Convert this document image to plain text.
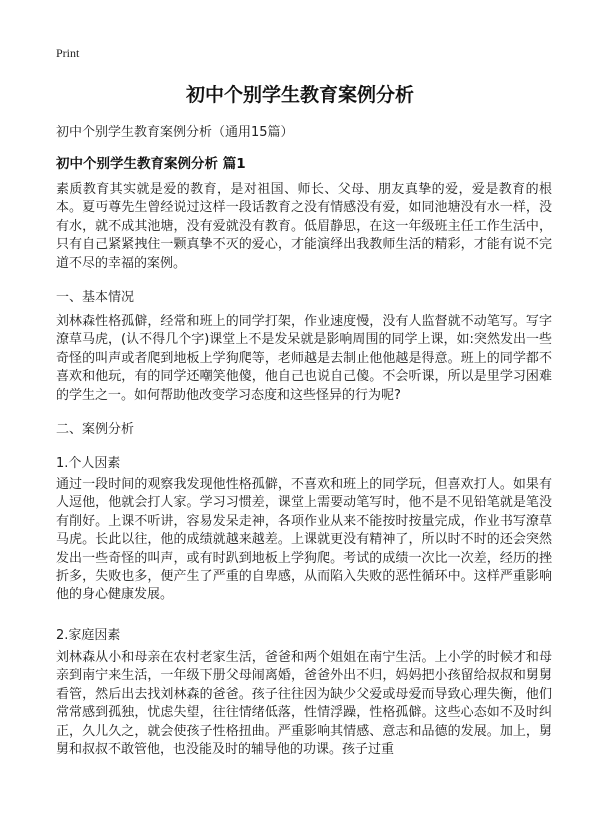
Print
初中个别学生教育案例分析
初中个别学生教育案例分析（通用15篇）
初中个别学生教育案例分析 篇1
素质教育其实就是爱的教育，是对祖国、师长、父母、朋友真挚的爱，爱是教育的根本。夏丏尊先生曾经说过这样一段话教育之没有情感没有爱，如同池塘没有水一样，没有水，就不成其池塘，没有爱就没有教育。低眉静思，在这一年级班主任工作生活中，只有自己紧紧拽住一颗真挚不灭的爱心，才能演绎出我教师生活的精彩，才能有说不完道不尽的幸福的案例。
一、基本情况
刘林森性格孤僻，经常和班上的同学打架，作业速度慢，没有人监督就不动笔写。写字潦草马虎，(认不得几个字)课堂上不是发呆就是影响周围的同学上课，如:突然发出一些奇怪的叫声或者爬到地板上学狗爬等，老师越是去制止他他越是得意。班上的同学都不喜欢和他玩，有的同学还嘲笑他傻，他自己也说自己傻。不会听课，所以是里学习困难的学生之一。如何帮助他改变学习态度和这些怪异的行为呢?
二、案例分析
1.个人因素
通过一段时间的观察我发现他性格孤僻，不喜欢和班上的同学玩，但喜欢打人。如果有人逗他，他就会打人家。学习习惯差，课堂上需要动笔写时，他不是不见铅笔就是笔没有削好。上课不听讲，容易发呆走神，各项作业从来不能按时按量完成，作业书写潦草马虎。长此以往，他的成绩就越来越差。上课就更没有精神了，所以时不时的还会突然发出一些奇怪的叫声，或有时趴到地板上学狗爬。考试的成绩一次比一次差，经历的挫折多，失败也多，便产生了严重的自卑感，从而陷入失败的恶性循环中。这样严重影响他的身心健康发展。
2.家庭因素
刘林森从小和母亲在农村老家生活，爸爸和两个姐姐在南宁生活。上小学的时候才和母亲到南宁来生活，一年级下册父母闹离婚，爸爸外出不归，妈妈把小孩留给叔叔和舅舅看管，然后出去找刘林森的爸爸。孩子往往因为缺少父爱或母爱而导致心理失衡，他们常常感到孤独，忧虑失望，往往情绪低落，性情浮躁，性格孤僻。这些心态如不及时纠正，久儿久之，就会使孩子性格扭曲。严重影响其情感、意志和品德的发展。加上，舅舅和叔叔不敢管他，也没能及时的辅导他的功课。孩子过重
